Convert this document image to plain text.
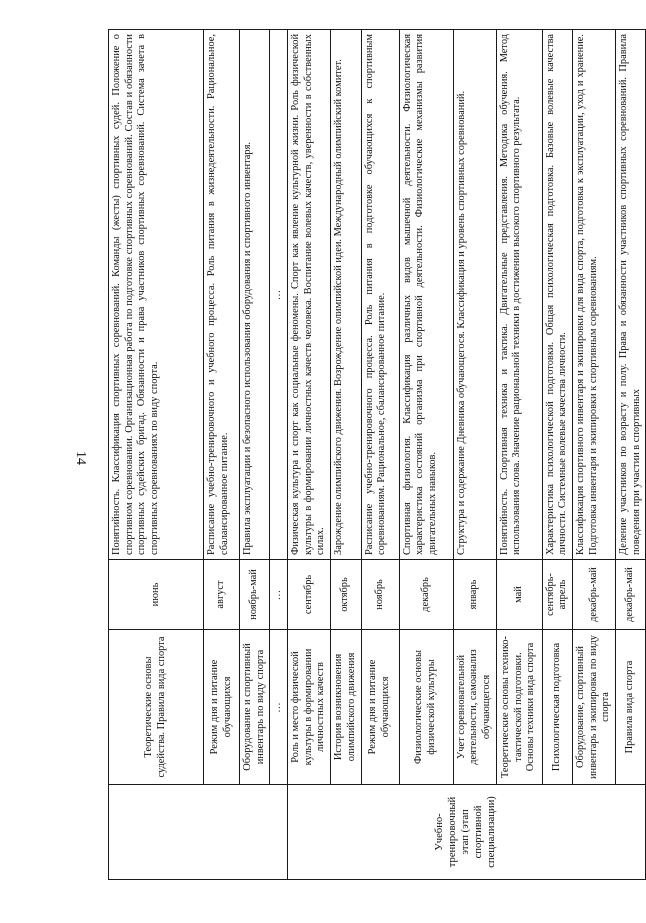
14
	Теоретические основы судейства. Правила вида спорта	июнь	Понятийность. Классификация спортивных соревнований. Команды (жесты) спортивных судей. Положение о спортивном соревновании. Организационная работа по подготовке спортивных соревнований. Состав и обязанности спортивных судейских бригад. Обязанности и права участников спортивных соревнований. Система зачета в спортивных соревнованиях по виду спорта.
	Режим дня и питание обучающихся	август	Расписание учебно-тренировочного и учебного процесса. Роль питания в жизнедеятельности. Рациональное, сбалансированное питание.
	Оборудование и спортивный инвентарь по виду спорта	ноябрь-май	Правила эксплуатации и безопасного использования оборудования и спортивного инвентаря.
	…	…	…
Учебно-тренировочный этап (этап спортивной специализации)	Роль и место физической культуры в формировании личностных качеств	сентябрь	Физическая культура и спорт как социальные феномены. Спорт как явление культурной жизни. Роль физической культуры в формировании личностных качеств человека. Воспитание волевых качеств, уверенности в собственных силах.
	История возникновения олимпийского движения	октябрь	Зарождение олимпийского движения. Возрождение олимпийской идеи. Международный олимпийский комитет.
	Режим дня и питание обучающихся	ноябрь	Расписание учебно-тренировочного процесса. Роль питания в подготовке обучающихся к спортивным соревнованиям. Рациональное, сбалансированное питание.
	Физиологические основы физической культуры	декабрь	Спортивная физиология. Классификация различных видов мышечной деятельности. Физиологическая характеристика состояний организма при спортивной деятельности. Физиологические механизмы развития двигательных навыков.
	Учет соревновательной деятельности, самоанализ обучающегося	январь	Структура и содержание Дневника обучающегося. Классификация и уровень спортивных соревнований.
	Теоретические основы технико-тактической подготовки. Основы техники вида спорта	май	Понятийность. Спортивная техника и тактика. Двигательные представления. Методика обучения. Метод использования слова. Значение рациональной техники в достижении высокого спортивного результата.
	Психологическая подготовка	сентябрь-апрель	Характеристика психологической подготовки. Общая психологическая подготовка. Базовые волевые качества личности. Системные волевые качества личности.
	Оборудование, спортивный инвентарь и экипировка по виду спорта	декабрь-май	Классификация спортивного инвентаря и экипировки для вида спорта, подготовка к эксплуатации, уход и хранение. Подготовка инвентаря и экипировки к спортивным соревнованиям.
	Правила вида спорта	декабрь-май	Деление участников по возрасту и полу. Права и обязанности участников спортивных соревнований. Правила поведения при участии в спортивных
